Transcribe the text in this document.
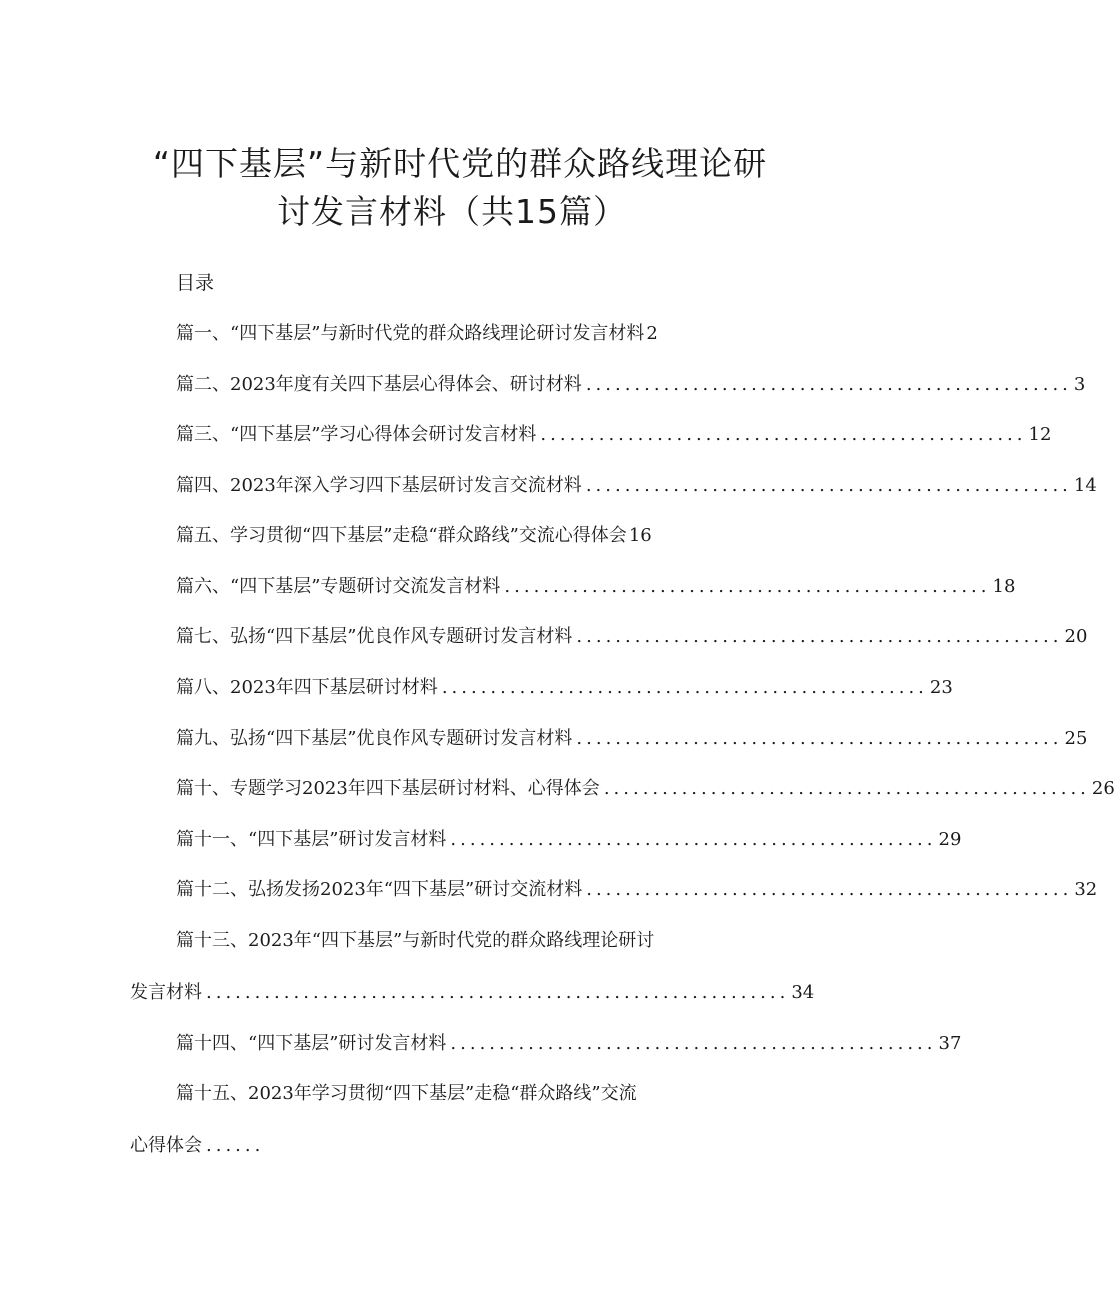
“四下基层”与新时代党的群众路线理论研
讨发言材料（共15篇）
目录
篇一、“四下基层”与新时代党的群众路线理论研讨发言材料 2
篇二、2023年度有关四下基层心得体会、研讨材料 .................................................. 3
篇三、“四下基层”学习心得体会研讨发言材料 .................................................. 12
篇四、2023年深入学习四下基层研讨发言交流材料 .................................................. 14
篇五、学习贯彻“四下基层”走稳“群众路线”交流心得体会 16
篇六、“四下基层”专题研讨交流发言材料 .................................................. 18
篇七、弘扬“四下基层”优良作风专题研讨发言材料 .................................................. 20
篇八、2023年四下基层研讨材料 .................................................. 23
篇九、弘扬“四下基层”优良作风专题研讨发言材料 .................................................. 25
篇十、专题学习2023年四下基层研讨材料、心得体会 .................................................. 26
篇十一、“四下基层”研讨发言材料 .................................................. 29
篇十二、弘扬发扬2023年“四下基层”研讨交流材料 .................................................. 32
篇十三、2023年“四下基层”与新时代党的群众路线理论研讨
发言材料 ............................................................ 34
篇十四、“四下基层”研讨发言材料 .................................................. 37
篇十五、2023年学习贯彻“四下基层”走稳“群众路线”交流
心得体会 ......
